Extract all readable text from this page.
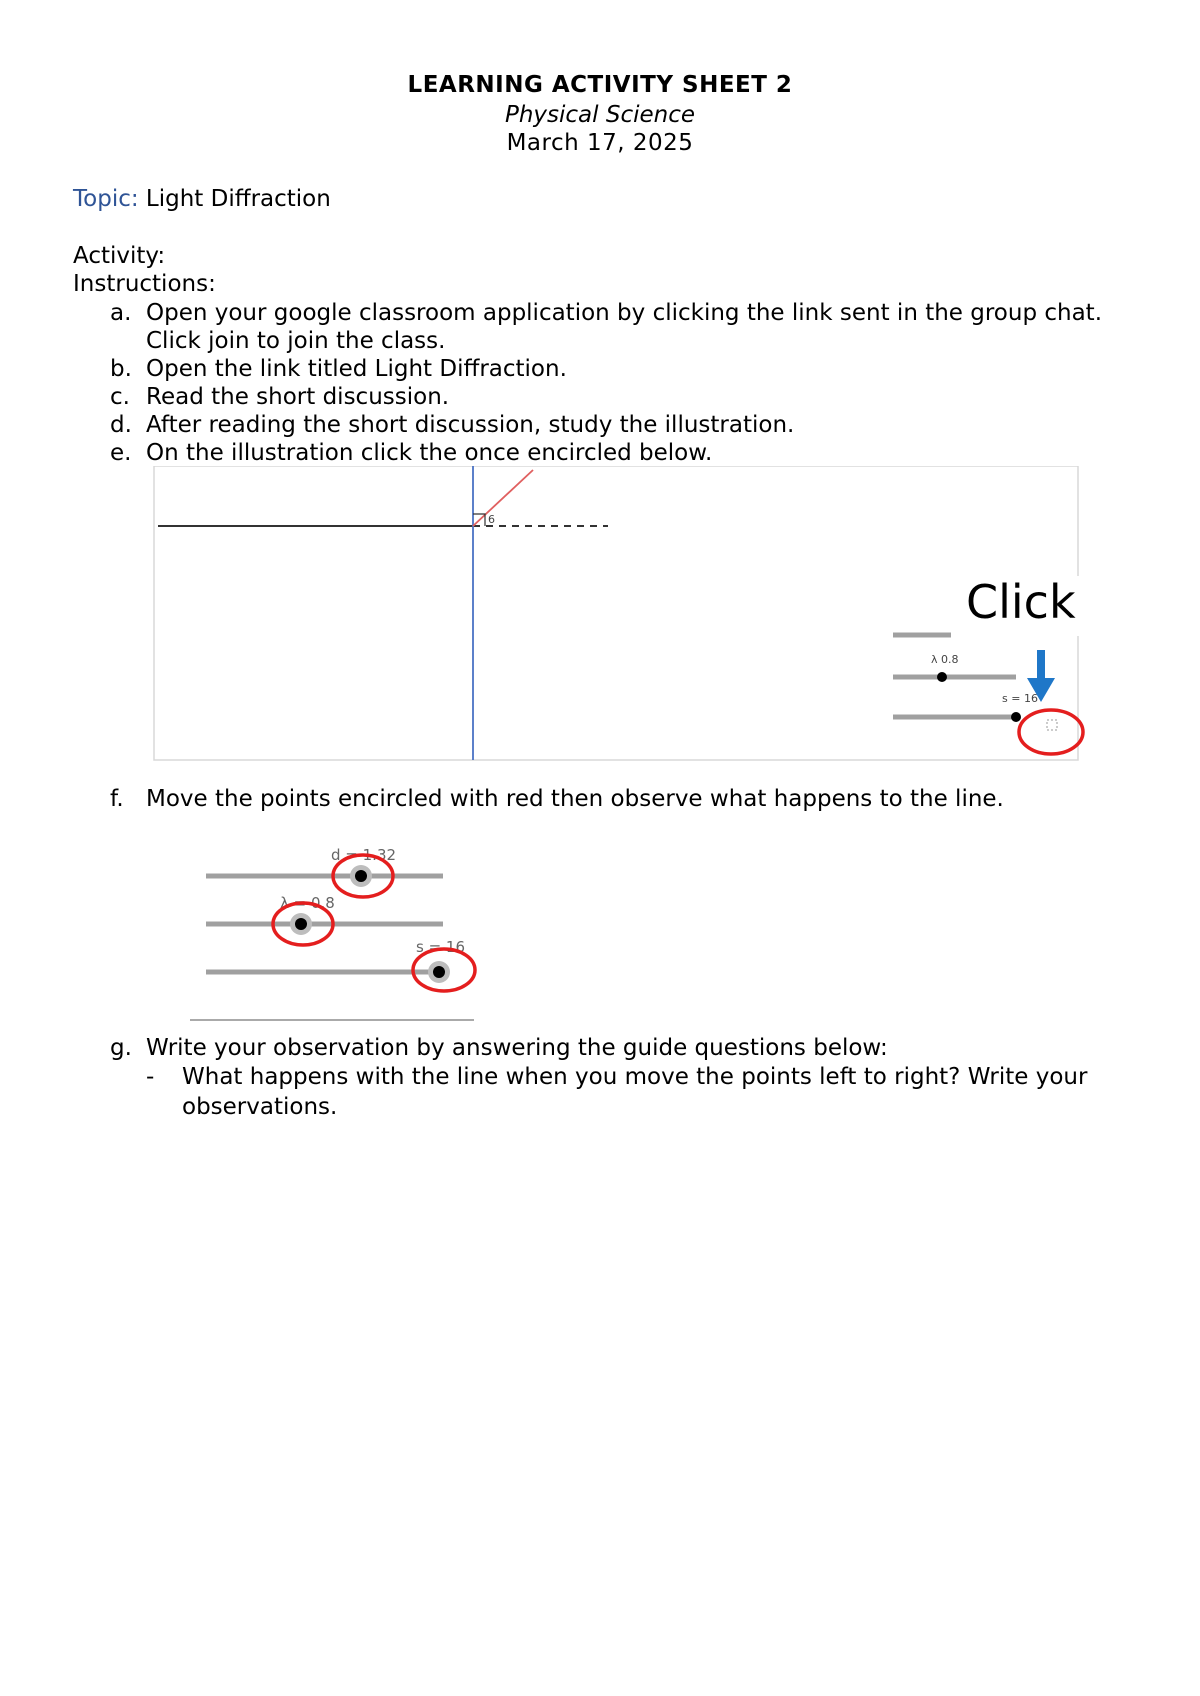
LEARNING ACTIVITY SHEET 2
Physical Science
March 17, 2025
Topic: Light Diffraction
Activity:
Instructions:
a. Open your google classroom application by clicking the link sent in the group chat. Click join to join the class.
b. Open the link titled Light Diffraction.
c. Read the short discussion.
d. After reading the short discussion, study the illustration.
e. On the illustration click the once encircled below.
6
λ 0.8
s = 16
Click
f. Move the points encircled with red then observe what happens to the line.
d = 1.32
λ = 0.8
s = 16
g. Write your observation by answering the guide questions below:
- What happens with the line when you move the points left to right? Write your observations.
